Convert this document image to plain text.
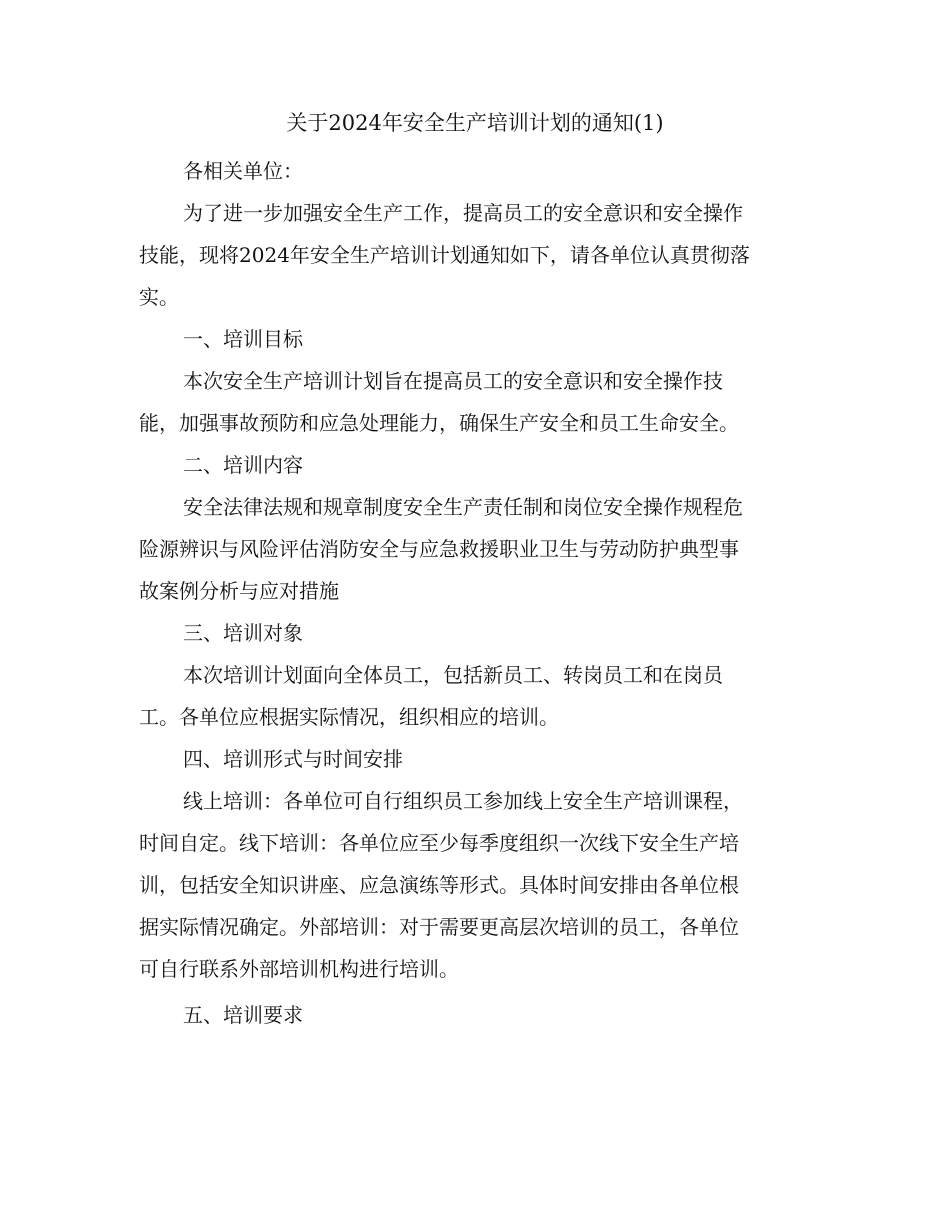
关于2024年安全生产培训计划的通知(1)
各相关单位：
为了进一步加强安全生产工作，提高员工的安全意识和安全操作
技能，现将2024年安全生产培训计划通知如下，请各单位认真贯彻落
实。
一、培训目标
本次安全生产培训计划旨在提高员工的安全意识和安全操作技
能，加强事故预防和应急处理能力，确保生产安全和员工生命安全。
二、培训内容
安全法律法规和规章制度安全生产责任制和岗位安全操作规程危
险源辨识与风险评估消防安全与应急救援职业卫生与劳动防护典型事
故案例分析与应对措施
三、培训对象
本次培训计划面向全体员工，包括新员工、转岗员工和在岗员
工。各单位应根据实际情况，组织相应的培训。
四、培训形式与时间安排
线上培训：各单位可自行组织员工参加线上安全生产培训课程，
时间自定。线下培训：各单位应至少每季度组织一次线下安全生产培
训，包括安全知识讲座、应急演练等形式。具体时间安排由各单位根
据实际情况确定。外部培训：对于需要更高层次培训的员工，各单位
可自行联系外部培训机构进行培训。
五、培训要求
